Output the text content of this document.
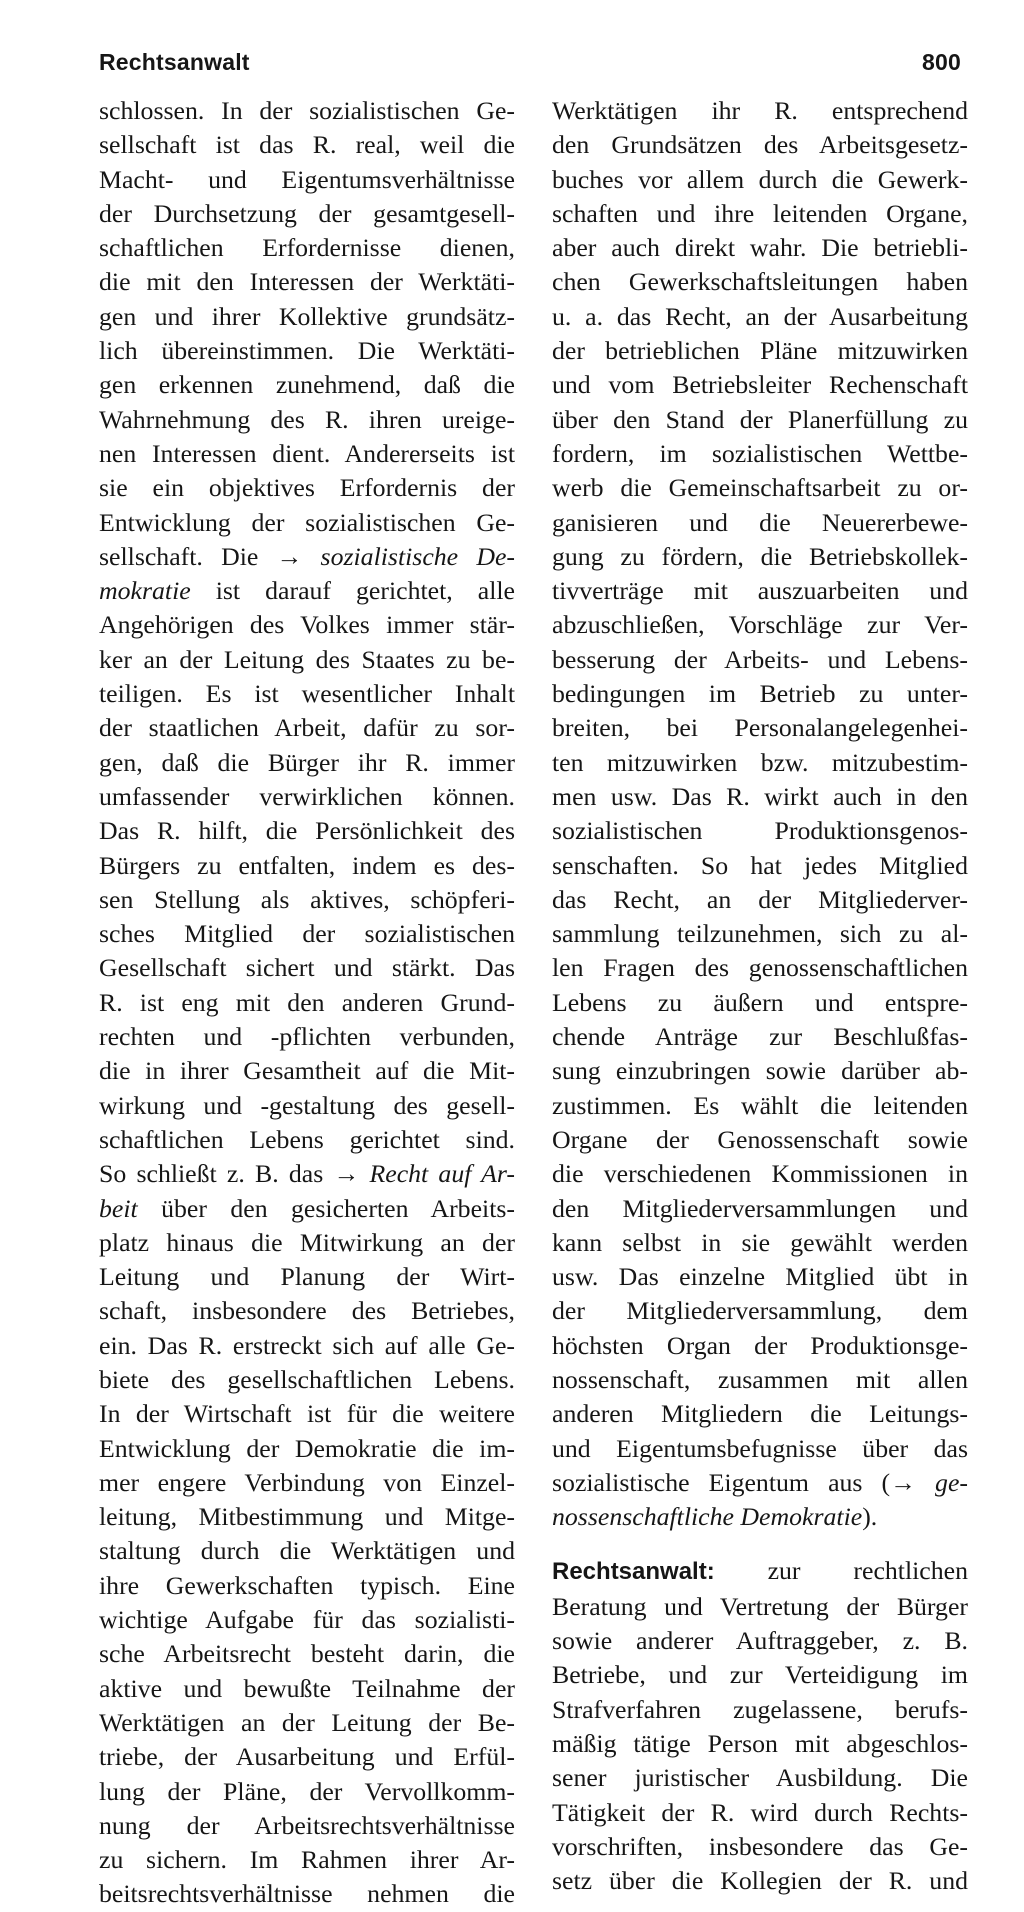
Rechtsanwalt	800
schlossen. In der sozialistischen Ge-
sellschaft ist das R. real, weil die
Macht- und Eigentumsverhältnisse
der Durchsetzung der gesamtgesell-
schaftlichen Erfordernisse dienen,
die mit den Interessen der Werktäti-
gen und ihrer Kollektive grundsätz-
lich übereinstimmen. Die Werktäti-
gen erkennen zunehmend, daß die
Wahrnehmung des R. ihren ureige-
nen Interessen dient. Andererseits ist
sie ein objektives Erfordernis der
Entwicklung der sozialistischen Ge-
sellschaft. Die → sozialistische De-
mokratie ist darauf gerichtet, alle
Angehörigen des Volkes immer stär-
ker an der Leitung des Staates zu be-
teiligen. Es ist wesentlicher Inhalt
der staatlichen Arbeit, dafür zu sor-
gen, daß die Bürger ihr R. immer
umfassender verwirklichen können.
Das R. hilft, die Persönlichkeit des
Bürgers zu entfalten, indem es des-
sen Stellung als aktives, schöpferi-
sches Mitglied der sozialistischen
Gesellschaft sichert und stärkt. Das
R. ist eng mit den anderen Grund-
rechten und -pflichten verbunden,
die in ihrer Gesamtheit auf die Mit-
wirkung und -gestaltung des gesell-
schaftlichen Lebens gerichtet sind.
So schließt z. B. das → Recht auf Ar-
beit über den gesicherten Arbeits-
platz hinaus die Mitwirkung an der
Leitung und Planung der Wirt-
schaft, insbesondere des Betriebes,
ein. Das R. erstreckt sich auf alle Ge-
biete des gesellschaftlichen Lebens.
In der Wirtschaft ist für die weitere
Entwicklung der Demokratie die im-
mer engere Verbindung von Einzel-
leitung, Mitbestimmung und Mitge-
staltung durch die Werktätigen und
ihre Gewerkschaften typisch. Eine
wichtige Aufgabe für das sozialisti-
sche Arbeitsrecht besteht darin, die
aktive und bewußte Teilnahme der
Werktätigen an der Leitung der Be-
triebe, der Ausarbeitung und Erfül-
lung der Pläne, der Vervollkomm-
nung der Arbeitsrechtsverhältnisse
zu sichern. Im Rahmen ihrer Ar-
beitsrechtsverhältnisse nehmen die
Werktätigen ihr R. entsprechend
den Grundsätzen des Arbeitsgesetz-
buches vor allem durch die Gewerk-
schaften und ihre leitenden Organe,
aber auch direkt wahr. Die betriebli-
chen Gewerkschaftsleitungen haben
u. a. das Recht, an der Ausarbeitung
der betrieblichen Pläne mitzuwirken
und vom Betriebsleiter Rechenschaft
über den Stand der Planerfüllung zu
fordern, im sozialistischen Wettbe-
werb die Gemeinschaftsarbeit zu or-
ganisieren und die Neuererbewe-
gung zu fördern, die Betriebskollek-
tivverträge mit auszuarbeiten und
abzuschließen, Vorschläge zur Ver-
besserung der Arbeits- und Lebens-
bedingungen im Betrieb zu unter-
breiten, bei Personalangelegenhei-
ten mitzuwirken bzw. mitzubestim-
men usw. Das R. wirkt auch in den
sozialistischen Produktionsgenos-
senschaften. So hat jedes Mitglied
das Recht, an der Mitgliederver-
sammlung teilzunehmen, sich zu al-
len Fragen des genossenschaftlichen
Lebens zu äußern und entspre-
chende Anträge zur Beschlußfas-
sung einzubringen sowie darüber ab-
zustimmen. Es wählt die leitenden
Organe der Genossenschaft sowie
die verschiedenen Kommissionen in
den Mitgliederversammlungen und
kann selbst in sie gewählt werden
usw. Das einzelne Mitglied übt in
der Mitgliederversammlung, dem
höchsten Organ der Produktionsge-
nossenschaft, zusammen mit allen
anderen Mitgliedern die Leitungs-
und Eigentumsbefugnisse über das
sozialistische Eigentum aus (→ ge-
nossenschaftliche Demokratie).

Rechtsanwalt: zur rechtlichen
Beratung und Vertretung der Bürger
sowie anderer Auftraggeber, z. B.
Betriebe, und zur Verteidigung im
Strafverfahren zugelassene, berufs-
mäßig tätige Person mit abgeschlos-
sener juristischer Ausbildung. Die
Tätigkeit der R. wird durch Rechts-
vorschriften, insbesondere das Ge-
setz über die Kollegien der R. und
